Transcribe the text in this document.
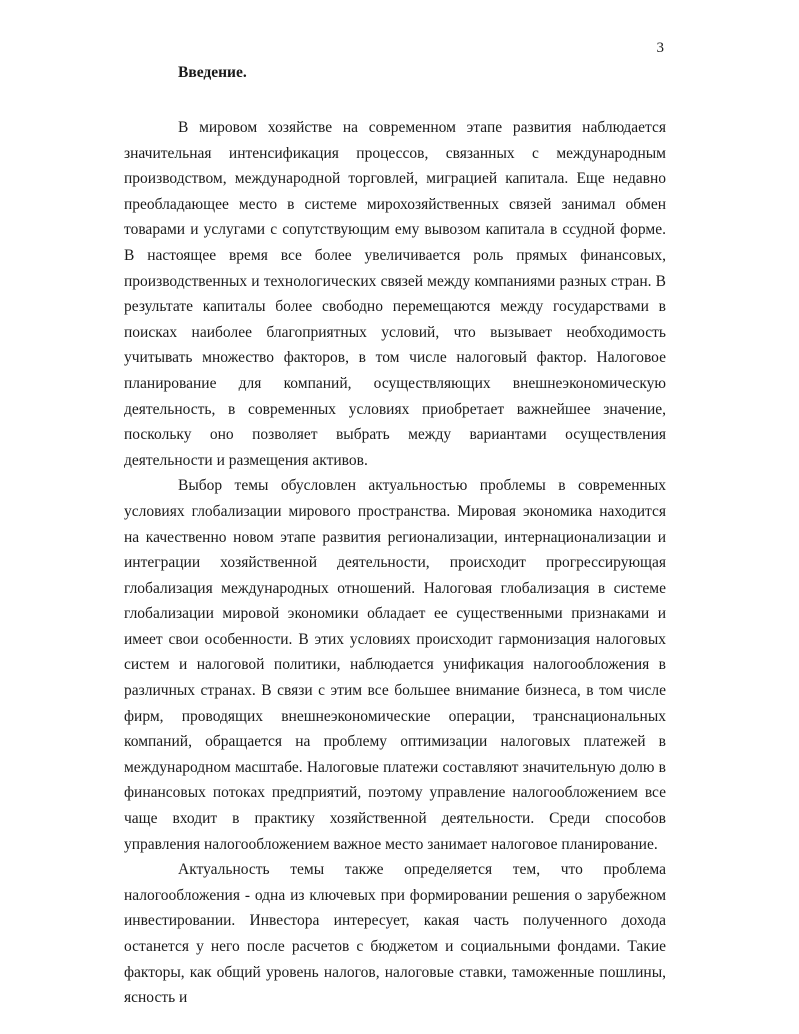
3
Введение.

В мировом хозяйстве на современном этапе развития наблюдается значительная интенсификация процессов, связанных с международным производством, международной торговлей, миграцией капитала. Еще недавно преобладающее место в системе мирохозяйственных связей занимал обмен товарами и услугами с сопутствующим ему вывозом капитала в ссудной форме. В настоящее время все более увеличивается роль прямых финансовых, производственных и технологических связей между компаниями разных стран. В результате капиталы более свободно перемещаются между государствами в поисках наиболее благоприятных условий, что вызывает необходимость учитывать множество факторов, в том числе налоговый фактор. Налоговое планирование для компаний, осуществляющих внешнеэкономическую деятельность, в современных условиях приобретает важнейшее значение, поскольку оно позволяет выбрать между вариантами осуществления деятельности и размещения активов.

Выбор темы обусловлен актуальностью проблемы в современных условиях глобализации мирового пространства. Мировая экономика находится на качественно новом этапе развития регионализации, интернационализации и интеграции хозяйственной деятельности, происходит прогрессирующая глобализация международных отношений. Налоговая глобализация в системе глобализации мировой экономики обладает ее существенными признаками и имеет свои особенности. В этих условиях происходит гармонизация налоговых систем и налоговой политики, наблюдается унификация налогообложения в различных странах. В связи с этим все большее внимание бизнеса, в том числе фирм, проводящих внешнеэкономические операции, транснациональных компаний, обращается на проблему оптимизации налоговых платежей в международном масштабе. Налоговые платежи составляют значительную долю в финансовых потоках предприятий, поэтому управление налогообложением все чаще входит в практику хозяйственной деятельности. Среди способов управления налогообложением важное место занимает налоговое планирование.

Актуальность темы также определяется тем, что проблема налогообложения - одна из ключевых при формировании решения о зарубежном инвестировании. Инвестора интересует, какая часть полученного дохода останется у него после расчетов с бюджетом и социальными фондами. Такие факторы, как общий уровень налогов, налоговые ставки, таможенные пошлины, ясность и
